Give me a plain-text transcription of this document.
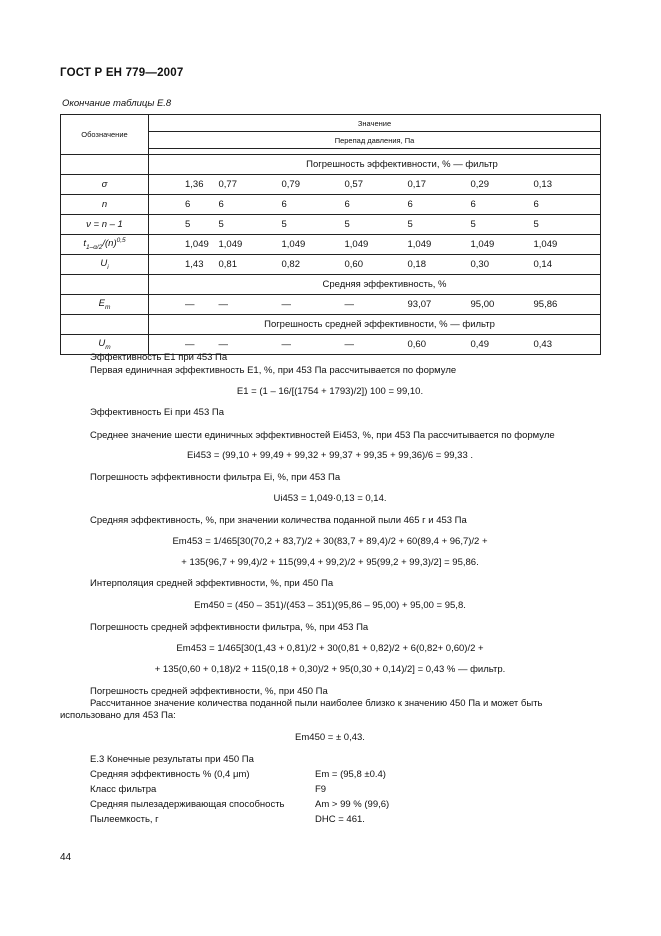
ГОСТ Р ЕН 779—2007
Окончание таблицы Е.8
Обозначение	Значение						
	Перепад давления, Па						

	Погрешность эффективности, % — фильтр						
σ	1,36	0,77	0,79	0,57	0,17	0,29	0,13
n	6	6	6	6	6	6	6
ν = n – 1	5	5	5	5	5	5	5
$t_{1-\alpha/2}/(n)^{0,5}$	1,049	1,049	1,049	1,049	1,049	1,049	1,049
$U_i$	1,43	0,81	0,82	0,60	0,18	0,30	0,14
	Средняя эффективность, %						
$E_m$	—	—	—	—	93,07	95,00	95,86
	Погрешность средней эффективности, % — фильтр						
$U_m$	—	—	—	—	0,60	0,49	0,43
Эффективность E1 при 453 Па
Первая единичная эффективность E1, %, при 453 Па рассчитывается по формуле
E1 = (1 – 16/[(1754 + 1793)/2]) 100 = 99,10.
Эффективность Ei при 453 Па
Среднее значение шести единичных эффективностей Ei453, %, при 453 Па рассчитывается по формуле
Ei453 = (99,10 + 99,49 + 99,32 + 99,37 + 99,35 + 99,36)/6 = 99,33 .
Погрешность эффективности фильтра Ei, %, при 453 Па
Ui453 = 1,049·0,13 = 0,14.
Средняя эффективность, %, при значении количества поданной пыли 465 г и 453 Па
Em453 = 1/465[30(70,2 + 83,7)/2 + 30(83,7 + 89,4)/2 + 60(89,4 + 96,7)/2 +
+ 135(96,7 + 99,4)/2 + 115(99,4 + 99,2)/2 + 95(99,2 + 99,3)/2] = 95,86.
Интерполяция средней эффективности, %, при 450 Па
Em450 = (450 – 351)/(453 – 351)(95,86 – 95,00) + 95,00 = 95,8.
Погрешность средней эффективности фильтра, %, при 453 Па
Em453 = 1/465[30(1,43 + 0,81)/2 + 30(0,81 + 0,82)/2 + 6(0,82+ 0,60)/2 +
+ 135(0,60 + 0,18)/2 + 115(0,18 + 0,30)/2 + 95(0,30 + 0,14)/2] = 0,43 % — фильтр.
Погрешность средней эффективности, %, при 450 Па
Рассчитанное значение количества поданной пыли наиболее близко к значению 450 Па и может быть
использовано для 453 Па:
Em450 = ± 0,43.
Е.3 Конечные результаты при 450 Па
Средняя эффективность % (0,4 μm)	Em = (95,8 ±0.4)
Класс фильтра	F9
Средняя пылезадерживающая способность	Am > 99 % (99,6)
Пылеемкость, г	DHC = 461.
44
